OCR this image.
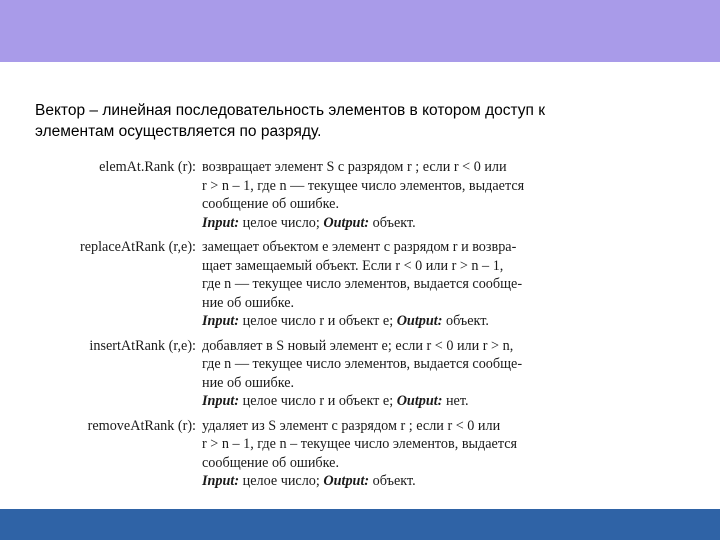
Вектор – линейная последовательность элементов в котором доступ к
элементам осуществляется по разряду.
elemAt.Rank (r): возвращает элемент S с разрядом r ; если r < 0 или
r > n – 1, где n — текущее число элементов, выдается
сообщение об ошибке.
Input: целое число; Output: объект.
replaceAtRank (r,e): замещает объектом e элемент с разрядом r и возвра-
щает замещаемый объект. Если r < 0 или r > n – 1,
где n — текущее число элементов, выдается сообще-
ние об ошибке.
Input: целое число r и объект e; Output: объект.
insertAtRank (r,e): добавляет в S новый элемент e; если r < 0 или r > n,
где n — текущее число элементов, выдается сообще-
ние об ошибке.
Input: целое число r и объект e; Output: нет.
removeAtRank (r): удаляет из S элемент с разрядом r ; если r < 0 или
r > n – 1, где n – текущее число элементов, выдается
сообщение об ошибке.
Input: целое число; Output: объект.
